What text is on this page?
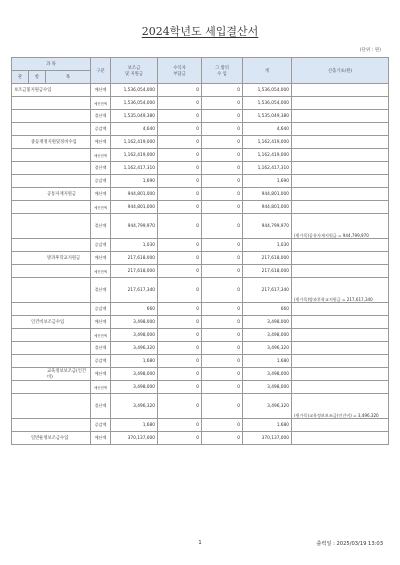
2024학년도 세입결산서
(단위 : 원)
과 목			구분	보조금
및 지원금	수익자
부담금	그 밖의
수 입	계	산출기초(원)
관	항	목						
보조금및지원금수입			예산액	1,536,054,000	0	0	1,536,054,000	
			예산현액	1,536,054,000	0	0	1,536,054,000	
			결산액	1,535,049,380	0	0	1,535,049,380	
			증감액	4,640	0	0	4,640	
중등재정지원및경비수입			예산액	1,162,419,000	0	0	1,162,419,000	
			예산현액	1,162,419,000	0	0	1,162,419,000	
			결산액	1,162,417,310	0	0	1,162,417,310	
			증감액	1,690	0	0	1,690	
공통자재지원금			예산액	944,801,000	0	0	944,801,000	
			예산현액	944,801,000	0	0	944,801,000	
			결산액	944,799,970	0	0	944,799,970	(원가목)공통자재지원금 = 944,799,970
			증감액	1,030	0	0	1,030	
방과후학교지원금			예산액	217,618,000	0	0	217,618,000	
			예산현액	217,618,000	0	0	217,618,000	
			결산액	217,617,340	0	0	217,617,340	(원가목)방과후학교지원금 = 217,617,340
			증감액	660	0	0	660	
인건비보조금수입			예산액	3,498,000	0	0	3,498,000	
			예산현액	3,498,000	0	0	3,498,000	
			결산액	3,496,320	0	0	3,496,320	
			증감액	1,680	0	0	1,680	
교육정보보조금(인건비)			예산액	3,498,000	0	0	3,498,000	
			예산현액	3,498,000	0	0	3,498,000	
			결산액	3,496,320	0	0	3,496,320	(원가목)교육정보보조금(인건비) = 3,496,320
			증감액	1,680	0	0	1,680	
일반운영보조금수입			예산액	370,137,000	0	0	370,137,000	
1	출력일 : 2025/03/19 13:03
